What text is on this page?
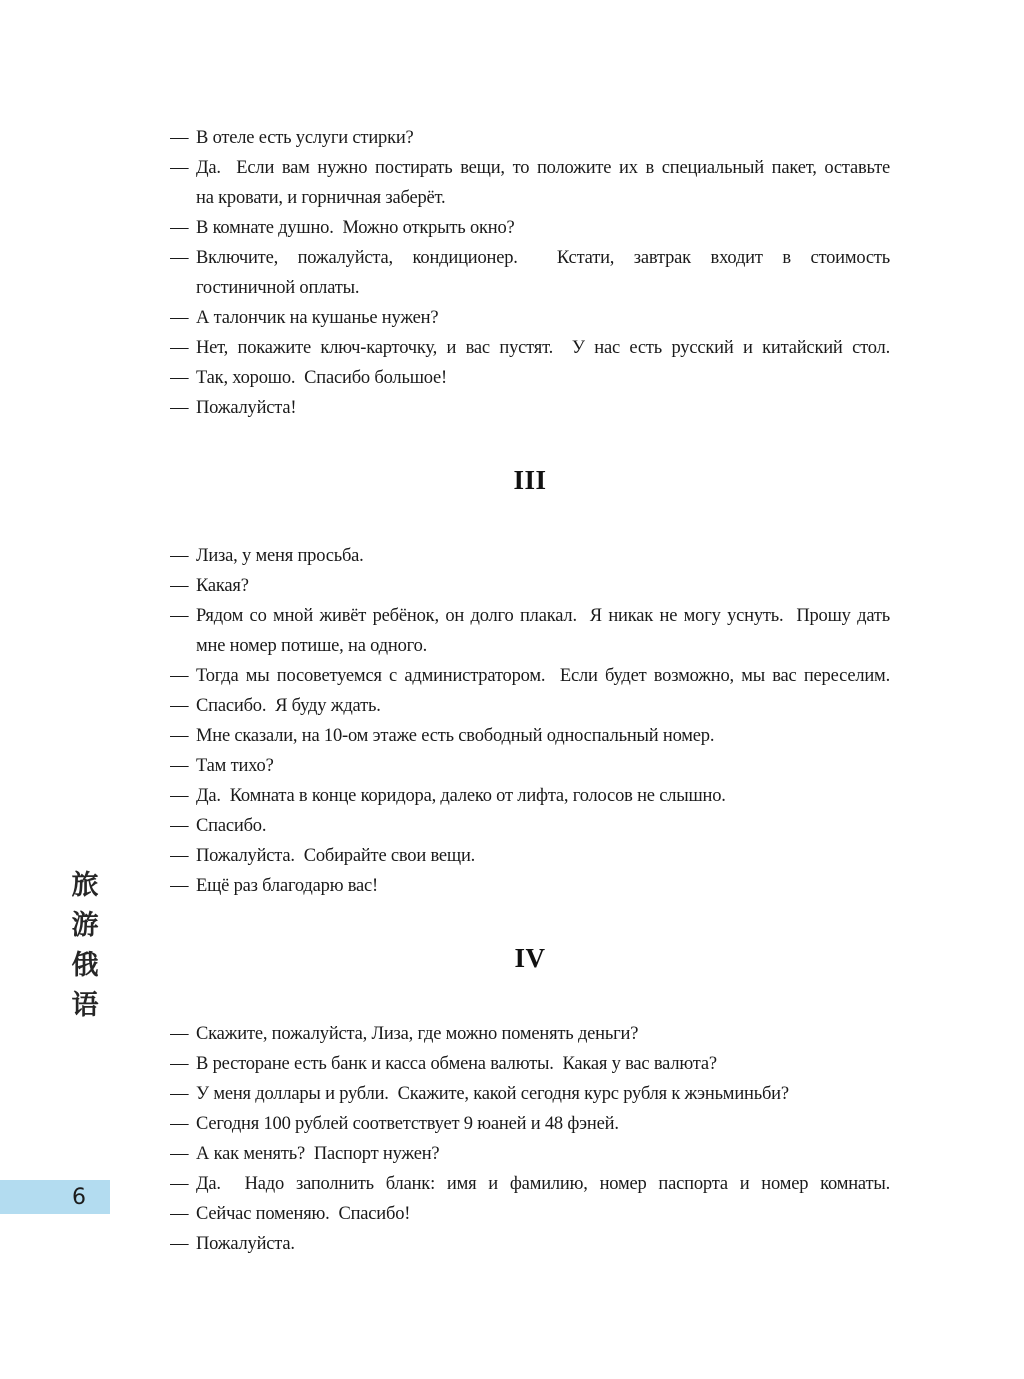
— В отеле есть услуги стирки?
— Да.  Если вам нужно постирать вещи, то положите их в специальный пакет, оставьте
на кровати, и горничная заберёт.
— В комнате душно.  Можно открыть окно?
— Включите, пожалуйста, кондиционер.  Кстати, завтрак входит в стоимость
гостиничной оплаты.
— А талончик на кушанье нужен?
— Нет, покажите ключ-карточку, и вас пустят.  У нас есть русский и китайский стол.
— Так, хорошо.  Спасибо большое!
— Пожалуйста!
III
— Лиза, у меня просьба.
— Какая?
— Рядом со мной живёт ребёнок, он долго плакал.  Я никак не могу уснуть.  Прошу дать
мне номер потише, на одного.
— Тогда мы посоветуемся с администратором.  Если будет возможно, мы вас переселим.
— Спасибо.  Я буду ждать.
— Мне сказали, на 10-ом этаже есть свободный односпальный номер.
— Там тихо?
— Да.  Комната в конце коридора, далеко от лифта, голосов не слышно.
— Спасибо.
— Пожалуйста.  Собирайте свои вещи.
— Ещё раз благодарю вас!
IV
— Скажите, пожалуйста, Лиза, где можно поменять деньги?
— В ресторане есть банк и касса обмена валюты.  Какая у вас валюта?
— У меня доллары и рубли.  Скажите, какой сегодня курс рубля к жэньминьби?
— Сегодня 100 рублей соответствует 9 юаней и 48 фэней.
— А как менять?  Паспорт нужен?
— Да.  Надо заполнить бланк: имя и фамилию, номер паспорта и номер комнаты.
— Сейчас поменяю.  Спасибо!
— Пожалуйста.
旅
游
俄
语
6
